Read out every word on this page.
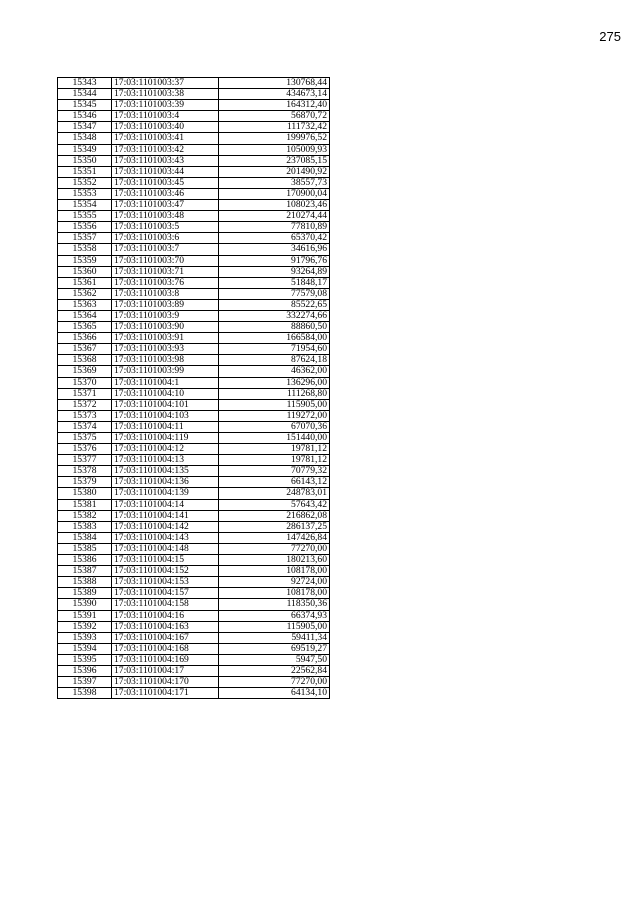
275
15343	17:03:1101003:37	130768,44
15344	17:03:1101003:38	434673,14
15345	17:03:1101003:39	164312,40
15346	17:03:1101003:4	56870,72
15347	17:03:1101003:40	111732,42
15348	17:03:1101003:41	199976,52
15349	17:03:1101003:42	105009,93
15350	17:03:1101003:43	237085,15
15351	17:03:1101003:44	201490,92
15352	17:03:1101003:45	38557,73
15353	17:03:1101003:46	170900,04
15354	17:03:1101003:47	108023,46
15355	17:03:1101003:48	210274,44
15356	17:03:1101003:5	77810,89
15357	17:03:1101003:6	65370,42
15358	17:03:1101003:7	34616,96
15359	17:03:1101003:70	91796,76
15360	17:03:1101003:71	93264,89
15361	17:03:1101003:76	51848,17
15362	17:03:1101003:8	77579,08
15363	17:03:1101003:89	85522,65
15364	17:03:1101003:9	332274,66
15365	17:03:1101003:90	88860,50
15366	17:03:1101003:91	166584,00
15367	17:03:1101003:93	71954,60
15368	17:03:1101003:98	87624,18
15369	17:03:1101003:99	46362,00
15370	17:03:1101004:1	136296,00
15371	17:03:1101004:10	111268,80
15372	17:03:1101004:101	115905,00
15373	17:03:1101004:103	119272,00
15374	17:03:1101004:11	67070,36
15375	17:03:1101004:119	151440,00
15376	17:03:1101004:12	19781,12
15377	17:03:1101004:13	19781,12
15378	17:03:1101004:135	70779,32
15379	17:03:1101004:136	66143,12
15380	17:03:1101004:139	248783,01
15381	17:03:1101004:14	57643,42
15382	17:03:1101004:141	216862,08
15383	17:03:1101004:142	286137,25
15384	17:03:1101004:143	147426,84
15385	17:03:1101004:148	77270,00
15386	17:03:1101004:15	180213,60
15387	17:03:1101004:152	108178,00
15388	17:03:1101004:153	92724,00
15389	17:03:1101004:157	108178,00
15390	17:03:1101004:158	118350,36
15391	17:03:1101004:16	66374,93
15392	17:03:1101004:163	115905,00
15393	17:03:1101004:167	59411,34
15394	17:03:1101004:168	69519,27
15395	17:03:1101004:169	5947,50
15396	17:03:1101004:17	22562,84
15397	17:03:1101004:170	77270,00
15398	17:03:1101004:171	64134,10
